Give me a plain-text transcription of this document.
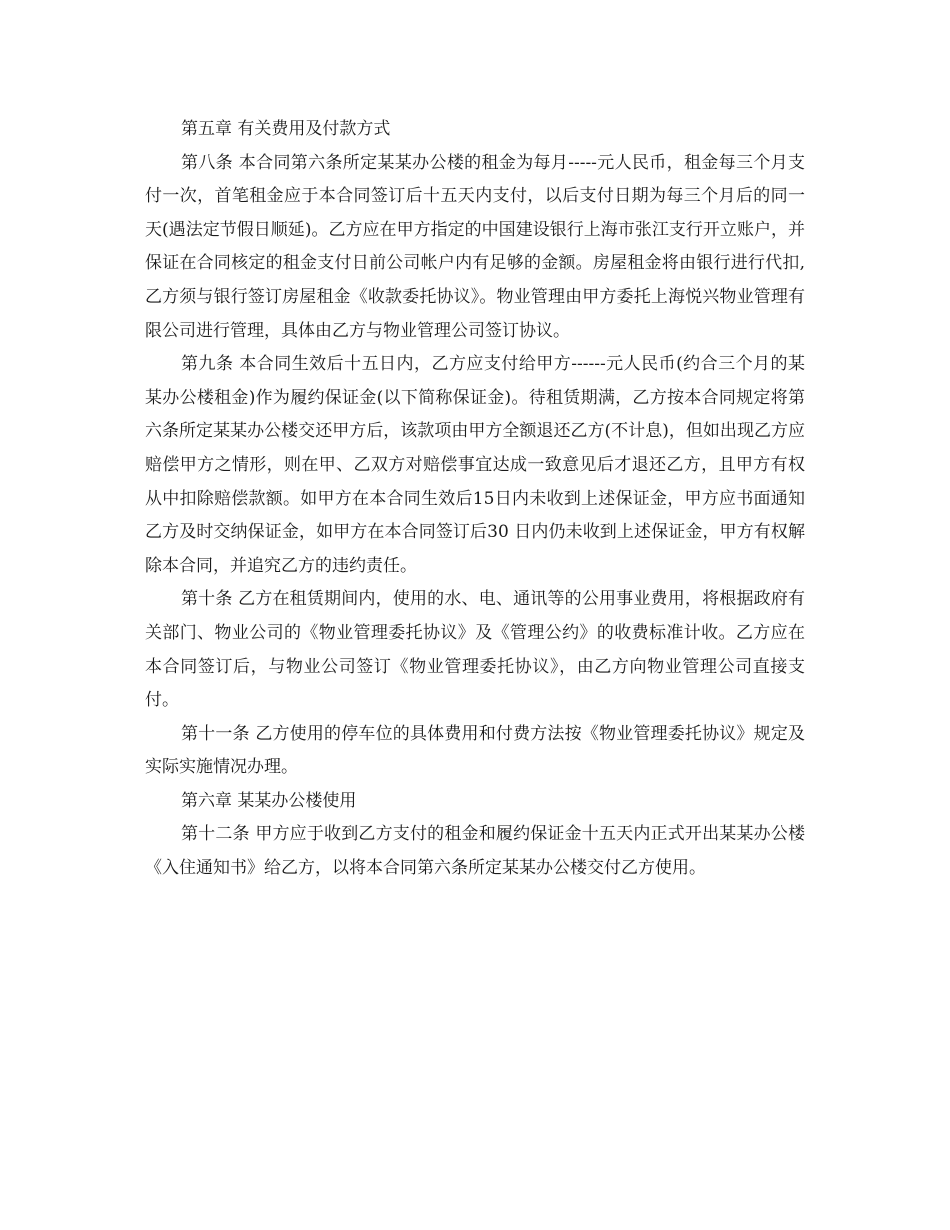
第五章 有关费用及付款方式

第八条 本合同第六条所定某某办公楼的租金为每月-----元人民币，租金每三个月支付一次，首笔租金应于本合同签订后十五天内支付，以后支付日期为每三个月后的同一天(遇法定节假日顺延)。乙方应在甲方指定的中国建设银行上海市张江支行开立账户，并保证在合同核定的租金支付日前公司帐户内有足够的金额。房屋租金将由银行进行代扣,乙方须与银行签订房屋租金《收款委托协议》。物业管理由甲方委托上海悦兴物业管理有限公司进行管理，具体由乙方与物业管理公司签订协议。

第九条 本合同生效后十五日内，乙方应支付给甲方------元人民币(约合三个月的某某办公楼租金)作为履约保证金(以下简称保证金)。待租赁期满，乙方按本合同规定将第六条所定某某办公楼交还甲方后，该款项由甲方全额退还乙方(不计息)，但如出现乙方应赔偿甲方之情形，则在甲、乙双方对赔偿事宜达成一致意见后才退还乙方，且甲方有权从中扣除赔偿款额。如甲方在本合同生效后15日内未收到上述保证金，甲方应书面通知乙方及时交纳保证金，如甲方在本合同签订后30 日内仍未收到上述保证金，甲方有权解除本合同，并追究乙方的违约责任。

第十条 乙方在租赁期间内，使用的水、电、通讯等的公用事业费用，将根据政府有关部门、物业公司的《物业管理委托协议》及《管理公约》的收费标准计收。乙方应在本合同签订后，与物业公司签订《物业管理委托协议》，由乙方向物业管理公司直接支付。

第十一条 乙方使用的停车位的具体费用和付费方法按《物业管理委托协议》规定及实际实施情况办理。

第六章 某某办公楼使用

第十二条 甲方应于收到乙方支付的租金和履约保证金十五天内正式开出某某办公楼《入住通知书》给乙方，以将本合同第六条所定某某办公楼交付乙方使用。
